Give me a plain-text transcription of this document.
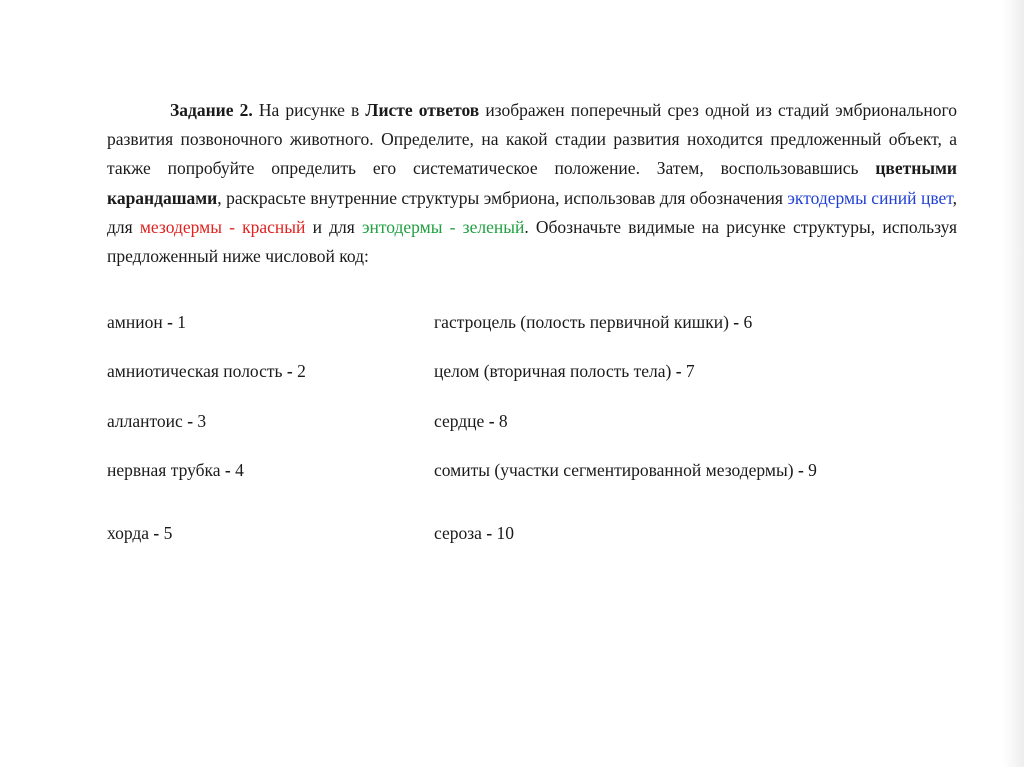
Задание 2. На рисунке в Листе ответов изображен поперечный срез одной из стадий эмбрионального развития позвоночного животного. Определите, на какой стадии развития ноходится предложенный объект, а также попробуйте определить его систематическое положение. Затем, воспользовавшись цветными карандашами, раскрасьте внутренние структуры эмбриона, использовав для обозначения эктодермы синий цвет, для мезодермы - красный и для энтодермы - зеленый. Обозначьте видимые на рисунке структуры, используя предложенный ниже числовой код:

амнион - 1

амниотическая полость - 2

аллантоис - 3

нервная трубка - 4

хорда - 5

гастроцель (полость первичной кишки) - 6

целом (вторичная полость тела) - 7

сердце - 8

сомиты (участки сегментированной мезодермы) - 9

сероза - 10
